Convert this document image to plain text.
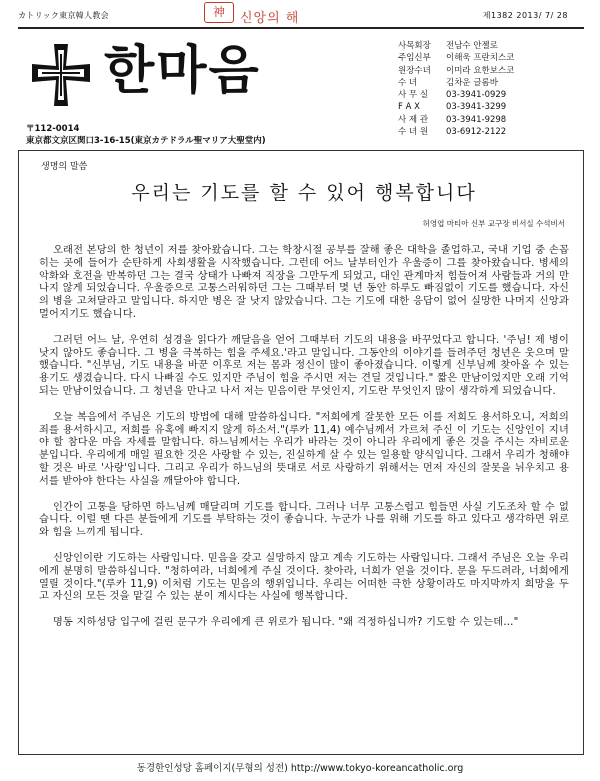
カトリック東京韓人教会	神	신앙의 해	제1382 2013/ 7/ 28
한마음	사목회장	전남수 안젤로
주임신부	이해욱 프란치스코
원장수녀	이미라 요한보스코
수 녀	김차운 글롬바
사 무 실	03-3941-0929
F A X	03-3941-3299
사 제 관	03-3941-9298
수 녀 원	03-6912-2122
〒112-0014
東京都文京区関口3-16-15(東京カテドラル聖マリア大聖堂内)
생명의 말씀
우리는 기도를 할 수 있어 행복합니다
허영엽 마티아 신부 교구장 비서실 수석비서

오래전 본당의 한 청년이 저를 찾아왔습니다. 그는 학창시절 공부를 잘해 좋은 대학을 졸업하고, 국내 기업 중 손꼽히는 곳에 들어가 순탄하게 사회생활을 시작했습니다. 그런데 어느 날부터인가 우울증이 그를 찾아왔습니다. 병세의 악화와 호전을 반복하던 그는 결국 상태가 나빠져 직장을 그만두게 되었고, 대인 관계마저 힘들어져 사람들과 거의 만나지 않게 되었습니다. 우울증으로 고통스러워하던 그는 그때부터 몇 년 동안 하루도 빠짐없이 기도를 했습니다. 자신의 병을 고쳐달라고 말입니다. 하지만 병은 잘 낫지 않았습니다. 그는 기도에 대한 응답이 없어 실망한 나머지 신앙과 멀어지기도 했습니다.

그러던 어느 날, 우연히 성경을 읽다가 깨달음을 얻어 그때부터 기도의 내용을 바꾸었다고 합니다. '주님! 제 병이 낫지 않아도 좋습니다. 그 병을 극복하는 힘을 주세요.'라고 말입니다. 그동안의 이야기를 들려주던 청년은 웃으며 말했습니다. "신부님, 기도 내용을 바꾼 이후로 저는 몸과 정신이 많이 좋아졌습니다. 이렇게 신부님께 찾아올 수 있는 용기도 생겼습니다. 다시 나빠질 수도 있지만 주님이 힘을 주시면 저는 견딜 것입니다." 짧은 만남이었지만 오래 기억되는 만남이었습니다. 그 청년을 만나고 나서 저는 믿음이란 무엇인지, 기도란 무엇인지 많이 생각하게 되었습니다.

오늘 복음에서 주님은 기도의 방법에 대해 말씀하십니다. "저희에게 잘못한 모든 이를 저희도 용서하오니, 저희의 죄를 용서하시고, 저희를 유혹에 빠지지 않게 하소서."(루카 11,4) 예수님께서 가르쳐 주신 이 기도는 신앙인이 지녀야 할 참다운 마음 자세를 말합니다. 하느님께서는 우리가 바라는 것이 아니라 우리에게 좋은 것을 주시는 자비로운 분입니다. 우리에게 매일 필요한 것은 사랑할 수 있는, 진실하게 살 수 있는 일용할 양식입니다. 그래서 우리가 청해야 할 것은 바로 '사랑'입니다. 그리고 우리가 하느님의 뜻대로 서로 사랑하기 위해서는 먼저 자신의 잘못을 뉘우치고 용서를 받아야 한다는 사실을 깨달아야 합니다.

인간이 고통을 당하면 하느님께 매달리며 기도를 합니다. 그러나 너무 고통스럽고 힘들면 사실 기도조차 할 수 없습니다. 이럴 땐 다른 분들에게 기도를 부탁하는 것이 좋습니다. 누군가 나를 위해 기도를 하고 있다고 생각하면 위로와 힘을 느끼게 됩니다.

신앙인이란 기도하는 사람입니다. 믿음을 갖고 실망하지 않고 계속 기도하는 사람입니다. 그래서 주님은 오늘 우리에게 분명히 말씀하십니다. "청하여라, 너희에게 주실 것이다. 찾아라, 너희가 얻을 것이다. 문을 두드려라, 너희에게 열릴 것이다."(루카 11,9) 이처럼 기도는 믿음의 행위입니다. 우리는 어떠한 극한 상황이라도 마지막까지 희망을 두고 자신의 모든 것을 맡길 수 있는 분이 계시다는 사실에 행복합니다.

명동 지하성당 입구에 걸린 문구가 우리에게 큰 위로가 됩니다. "왜 걱정하십니까? 기도할 수 있는데…"

동경한인성당 홈페이지(무형의 성전) http://www.tokyo-koreancatholic.org
